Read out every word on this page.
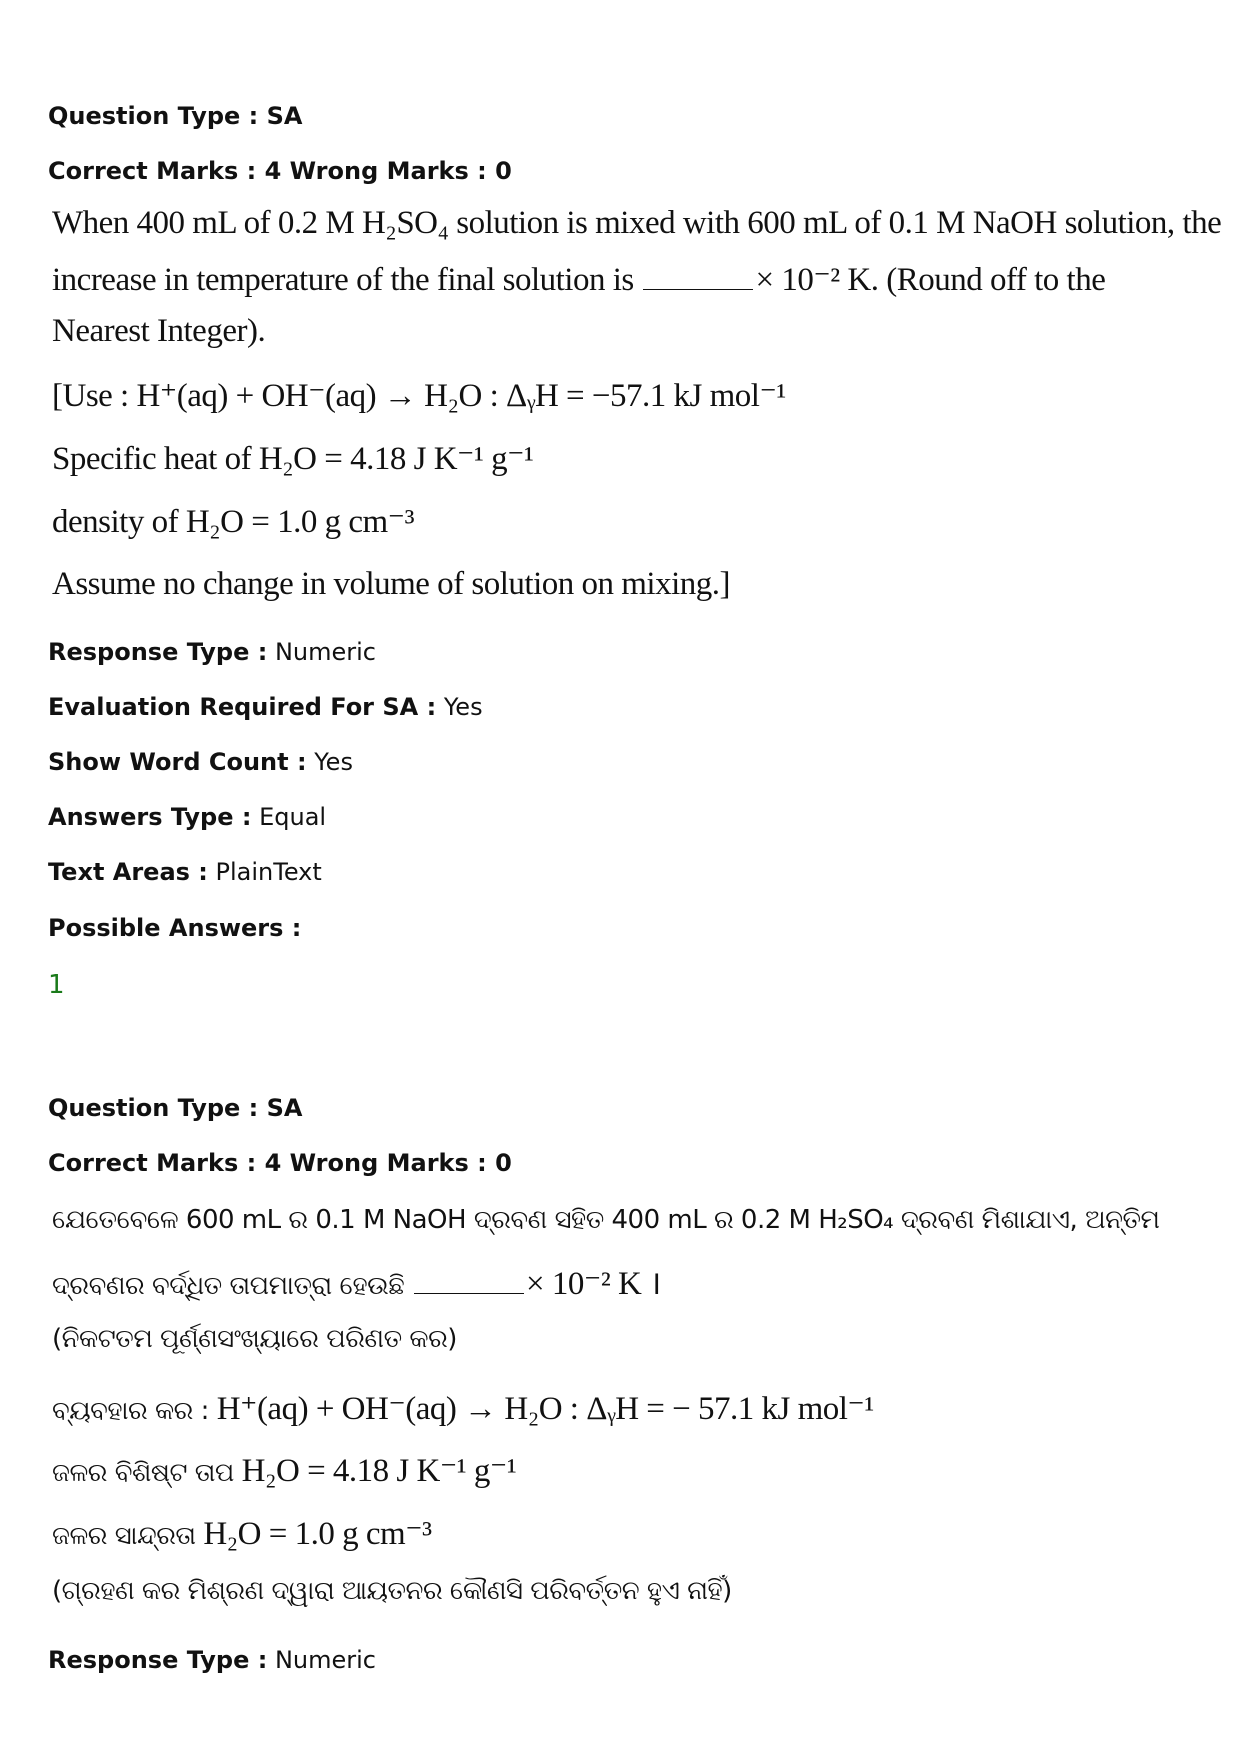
Question Type : SA
Correct Marks : 4 Wrong Marks : 0
When 400 mL of 0.2 M H₂SO₄ solution is mixed with 600 mL of 0.1 M NaOH solution, the
increase in temperature of the final solution is	× 10⁻² K. (Round off to the
Nearest Integer).
[Use : H⁺(aq) + OH⁻(aq) → H₂O : ΔᵧH = −57.1 kJ mol⁻¹
Specific heat of H₂O = 4.18 J K⁻¹ g⁻¹
density of H₂O = 1.0 g cm⁻³
Assume no change in volume of solution on mixing.]
Response Type : Numeric
Evaluation Required For SA : Yes
Show Word Count : Yes
Answers Type : Equal
Text Areas : PlainText
Possible Answers :
1
Question Type : SA
Correct Marks : 4 Wrong Marks : 0
ଯେତେବେଳେ 600 mL ର 0.1 M NaOH ଦ୍ରବଣ ସହିତ 400 mL ର 0.2 M H₂SO₄ ଦ୍ରବଣ ମିଶାଯାଏ, ଅନ୍ତିମ
ଦ୍ରବଣର ବର୍ଦ୍ଧିତ ତାପମାତ୍ରା ହେଉଛି	× 10⁻² K ।
(ନିକଟତମ ପୂର୍ଣ୍ଣସଂଖ୍ୟାରେ ପରିଣତ କର)
ବ୍ୟବହାର କର : H⁺(aq) + OH⁻(aq) → H₂O : ΔᵧH = − 57.1 kJ mol⁻¹
ଜଳର ବିଶିଷ୍ଟ ତାପ H₂O = 4.18 J K⁻¹ g⁻¹
ଜଳର ସାନ୍ଦ୍ରତା H₂O = 1.0 g cm⁻³
(ଗ୍ରହଣ କର ମିଶ୍ରଣ ଦ୍ୱାରା ଆୟତନର କୌଣସି ପରିବର୍ତ୍ତନ ହୁଏ ନାହିଁ)
Response Type : Numeric
